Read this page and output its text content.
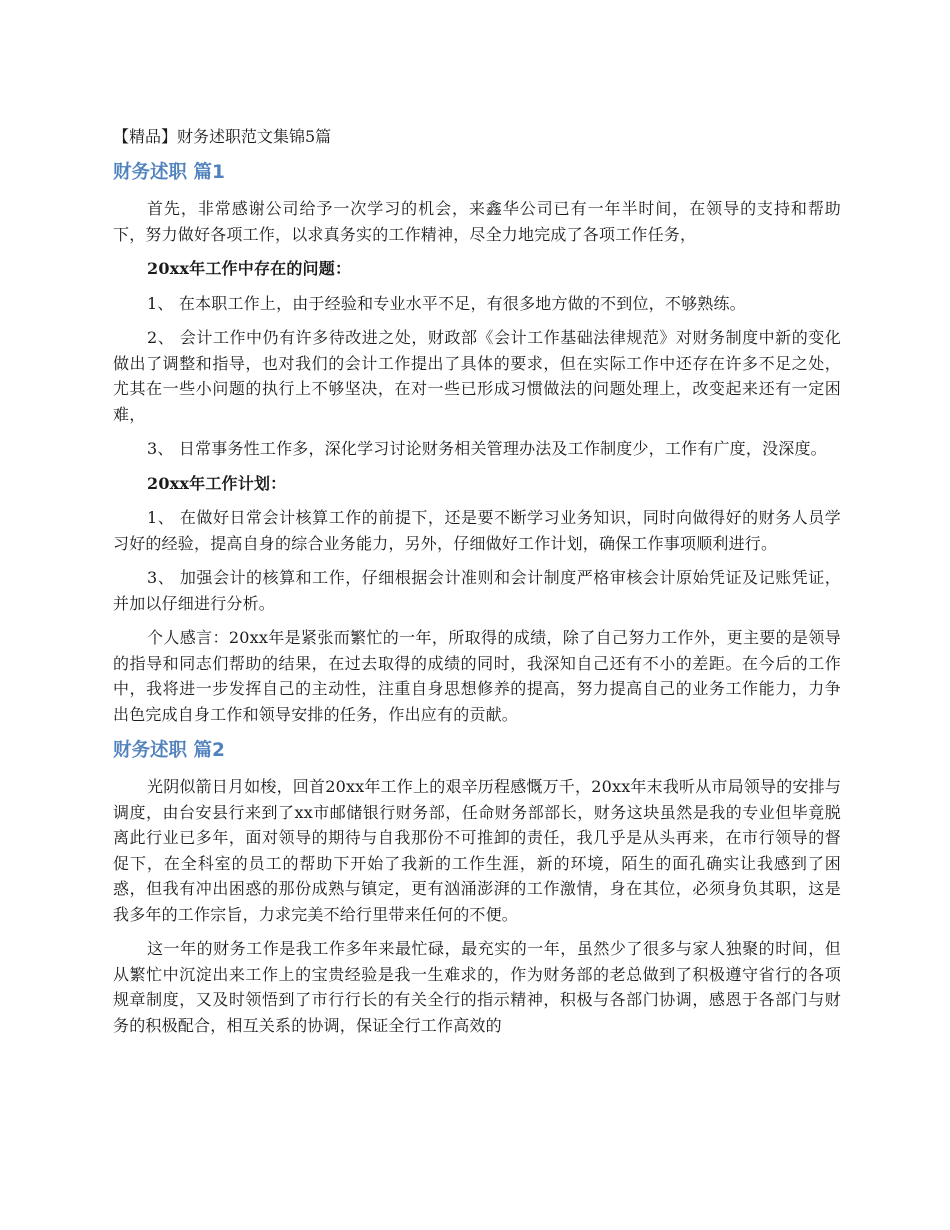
【精品】财务述职范文集锦5篇
财务述职 篇1

首先，非常感谢公司给予一次学习的机会，来鑫华公司已有一年半时间，在领导的支持和帮助下，努力做好各项工作，以求真务实的工作精神，尽全力地完成了各项工作任务，

20xx年工作中存在的问题：

1、 在本职工作上，由于经验和专业水平不足，有很多地方做的不到位，不够熟练。

2、 会计工作中仍有许多待改进之处，财政部《会计工作基础法律规范》对财务制度中新的变化做出了调整和指导，也对我们的会计工作提出了具体的要求，但在实际工作中还存在许多不足之处，尤其在一些小问题的执行上不够坚决，在对一些已形成习惯做法的问题处理上，改变起来还有一定困难，

3、 日常事务性工作多，深化学习讨论财务相关管理办法及工作制度少，工作有广度，没深度。

20xx年工作计划：

1、 在做好日常会计核算工作的前提下，还是要不断学习业务知识，同时向做得好的财务人员学习好的经验，提高自身的综合业务能力，另外，仔细做好工作计划，确保工作事项顺利进行。

3、 加强会计的核算和工作，仔细根据会计准则和会计制度严格审核会计原始凭证及记账凭证，并加以仔细进行分析。

个人感言：20xx年是紧张而繁忙的一年，所取得的成绩，除了自己努力工作外，更主要的是领导的指导和同志们帮助的结果，在过去取得的成绩的同时，我深知自己还有不小的差距。在今后的工作中，我将进一步发挥自己的主动性，注重自身思想修养的提高，努力提高自己的业务工作能力，力争出色完成自身工作和领导安排的任务，作出应有的贡献。

财务述职 篇2

光阴似箭日月如梭，回首20xx年工作上的艰辛历程感慨万千，20xx年末我听从市局领导的安排与调度，由台安县行来到了xx市邮储银行财务部，任命财务部部长，财务这块虽然是我的专业但毕竟脱离此行业已多年，面对领导的期待与自我那份不可推卸的责任，我几乎是从头再来，在市行领导的督促下，在全科室的员工的帮助下开始了我新的工作生涯，新的环境，陌生的面孔确实让我感到了困惑，但我有冲出困惑的那份成熟与镇定，更有汹涌澎湃的工作激情，身在其位，必须身负其职，这是我多年的工作宗旨，力求完美不给行里带来任何的不便。

这一年的财务工作是我工作多年来最忙碌，最充实的一年，虽然少了很多与家人独聚的时间，但从繁忙中沉淀出来工作上的宝贵经验是我一生难求的，作为财务部的老总做到了积极遵守省行的各项规章制度，又及时领悟到了市行行长的有关全行的指示精神，积极与各部门协调，感恩于各部门与财务的积极配合，相互关系的协调，保证全行工作高效的
